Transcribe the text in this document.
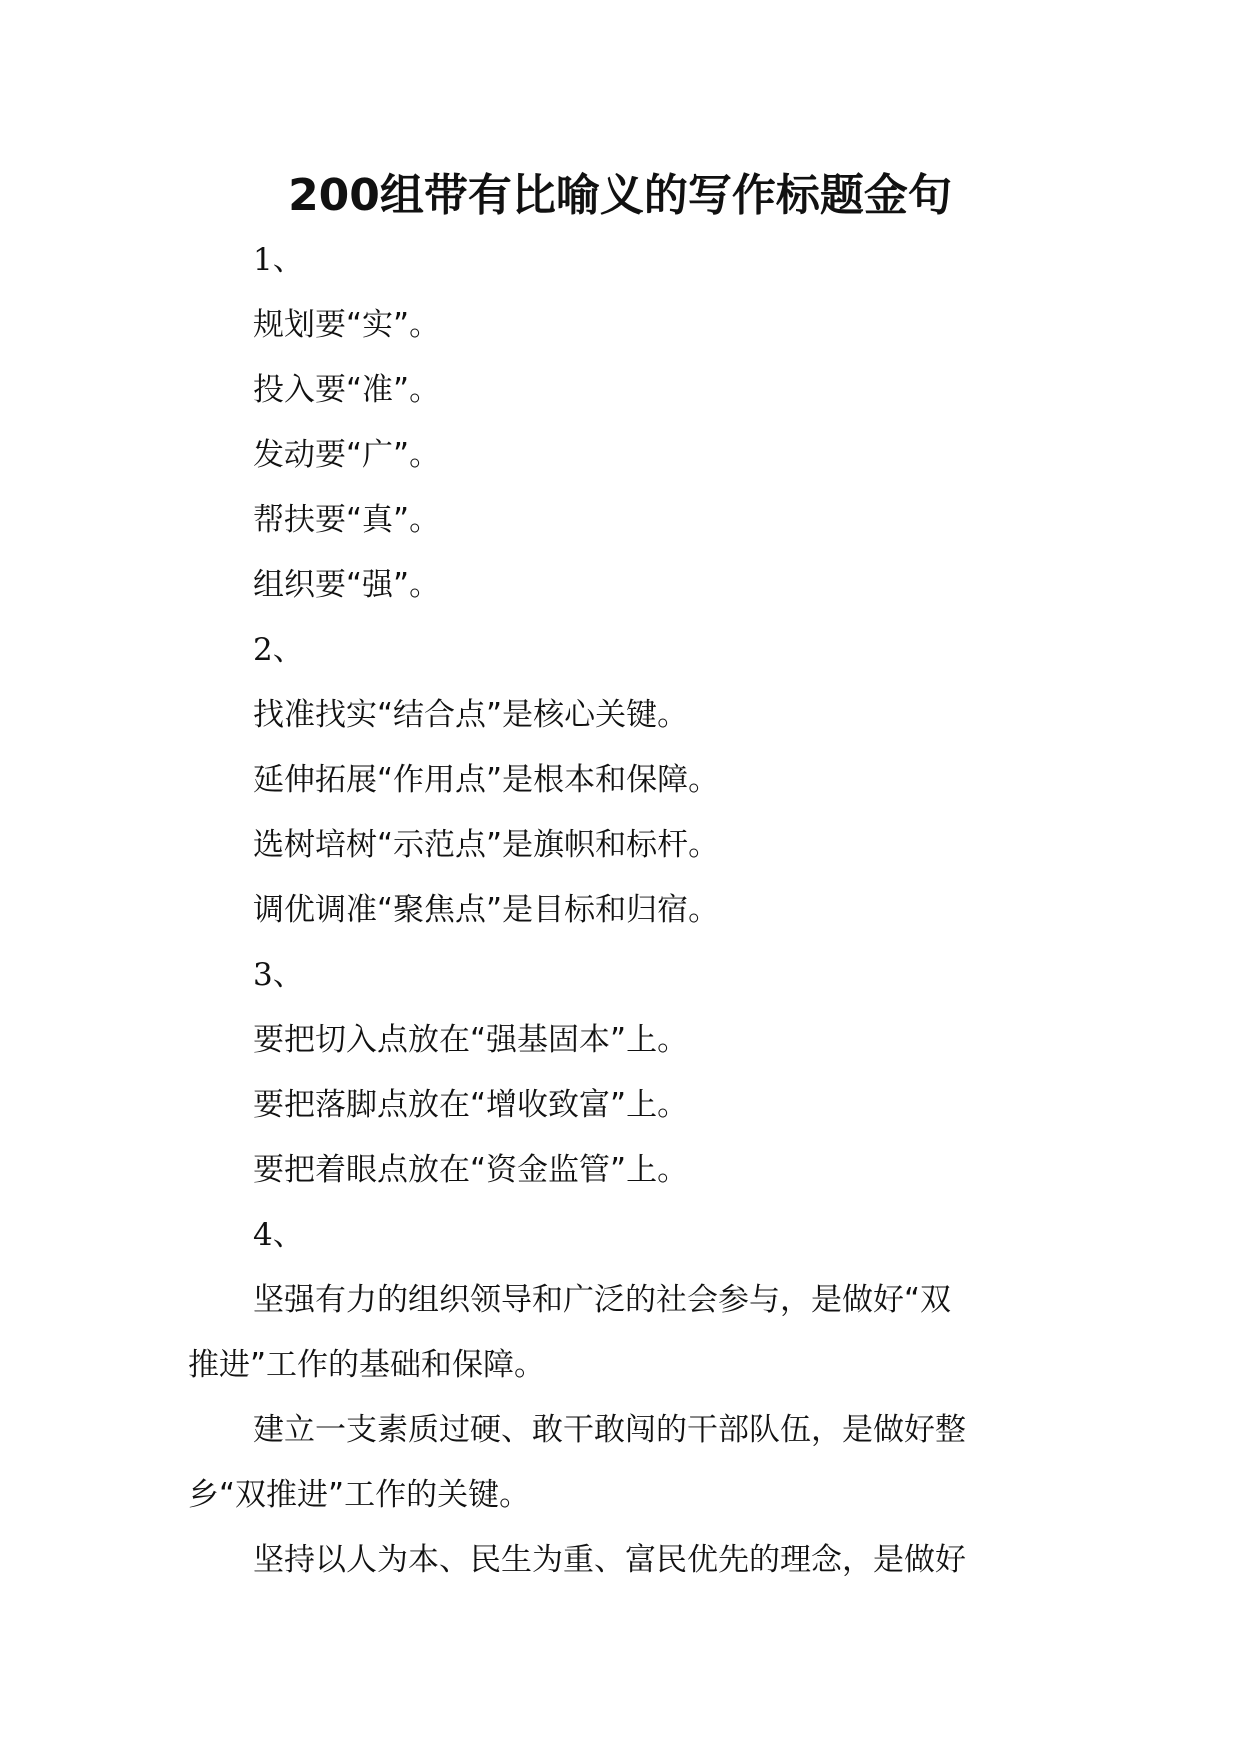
200组带有比喻义的写作标题金句

1、

规划要“实”。

投入要“准”。

发动要“广”。

帮扶要“真”。

组织要“强”。

2、

找准找实“结合点”是核心关键。

延伸拓展“作用点”是根本和保障。

选树培树“示范点”是旗帜和标杆。

调优调准“聚焦点”是目标和归宿。

3、

要把切入点放在“强基固本”上。

要把落脚点放在“增收致富”上。

要把着眼点放在“资金监管”上。

4、

坚强有力的组织领导和广泛的社会参与，是做好“双

推进”工作的基础和保障。

建立一支素质过硬、敢干敢闯的干部队伍，是做好整

乡“双推进”工作的关键。

坚持以人为本、民生为重、富民优先的理念，是做好
